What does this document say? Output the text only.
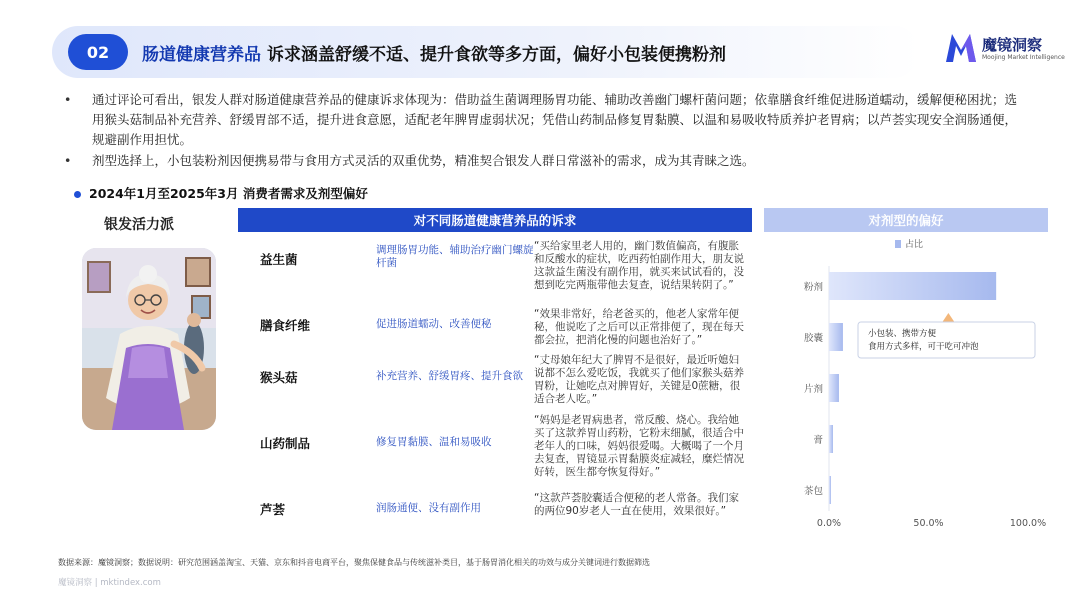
02	肠道健康营养品 诉求涵盖舒缓不适、提升食欲等多方面，偏好小包装便携粉剂	魔镜洞察
Moojing Market Intelligence
• 通过评论可看出，银发人群对肠道健康营养品的健康诉求体现为：借助益生菌调理肠胃功能、辅助改善幽门螺杆菌问题；依靠膳食纤维促进肠道蠕动，缓解便秘困扰；选用猴头菇制品补充营养、舒缓胃部不适，提升进食意愿，适配老年脾胃虚弱状况；凭借山药制品修复胃黏膜、以温和易吸收特质养护老胃病；以芦荟实现安全润肠通便，规避副作用担忧。
• 剂型选择上，小包装粉剂因便携易带与食用方式灵活的双重优势，精准契合银发人群日常滋补的需求，成为其青睐之选。
2024年1月至2025年3月 消费者需求及剂型偏好
银发活力派	对不同肠道健康营养品的诉求
益生菌
调理肠胃功能、辅助治疗幽门螺旋杆菌
“买给家里老人用的，幽门数值偏高，有腹胀和反酸水的症状，吃西药怕副作用大，朋友说这款益生菌没有副作用，就买来试试看的，没想到吃完两瓶带他去复查，说结果转阴了。”
膳食纤维	促进肠道蠕动、改善便秘
“效果非常好，给老爸买的，他老人家常年便秘，他说吃了之后可以正常排便了，现在每天都会拉，把消化慢的问题也治好了。”
猴头菇	补充营养、舒缓胃疼、提升食欲
“丈母娘年纪大了脾胃不是很好，最近听媳妇说都不怎么爱吃饭，我就买了他们家猴头菇养胃粉，让她吃点对脾胃好，关键是0蔗糖，很适合老人吃。”
山药制品	修复胃黏膜、温和易吸收
“妈妈是老胃病患者，常反酸、烧心。我给她买了这款养胃山药粉，它粉末细腻，很适合中老年人的口味，妈妈很爱喝。大概喝了一个月去复查，胃镜显示胃黏膜炎症减轻，糜烂情况好转，医生都夸恢复得好。”
芦荟	润肠通便、没有副作用
“这款芦荟胶囊适合便秘的老人常备。我们家的两位90岁老人一直在使用，效果很好。”
对剂型的偏好
占比
粉剂
胶囊
片剂
膏
茶包
0.0%	50.0%	100.0%
小包装、携带方便
食用方式多样，可干吃可冲泡
数据来源：魔镜洞察；数据说明：研究范围涵盖淘宝、天猫、京东和抖音电商平台，聚焦保健食品与传统滋补类目，基于肠胃消化相关的功效与成分关键词进行数据筛选
魔镜洞察 | mktindex.com
